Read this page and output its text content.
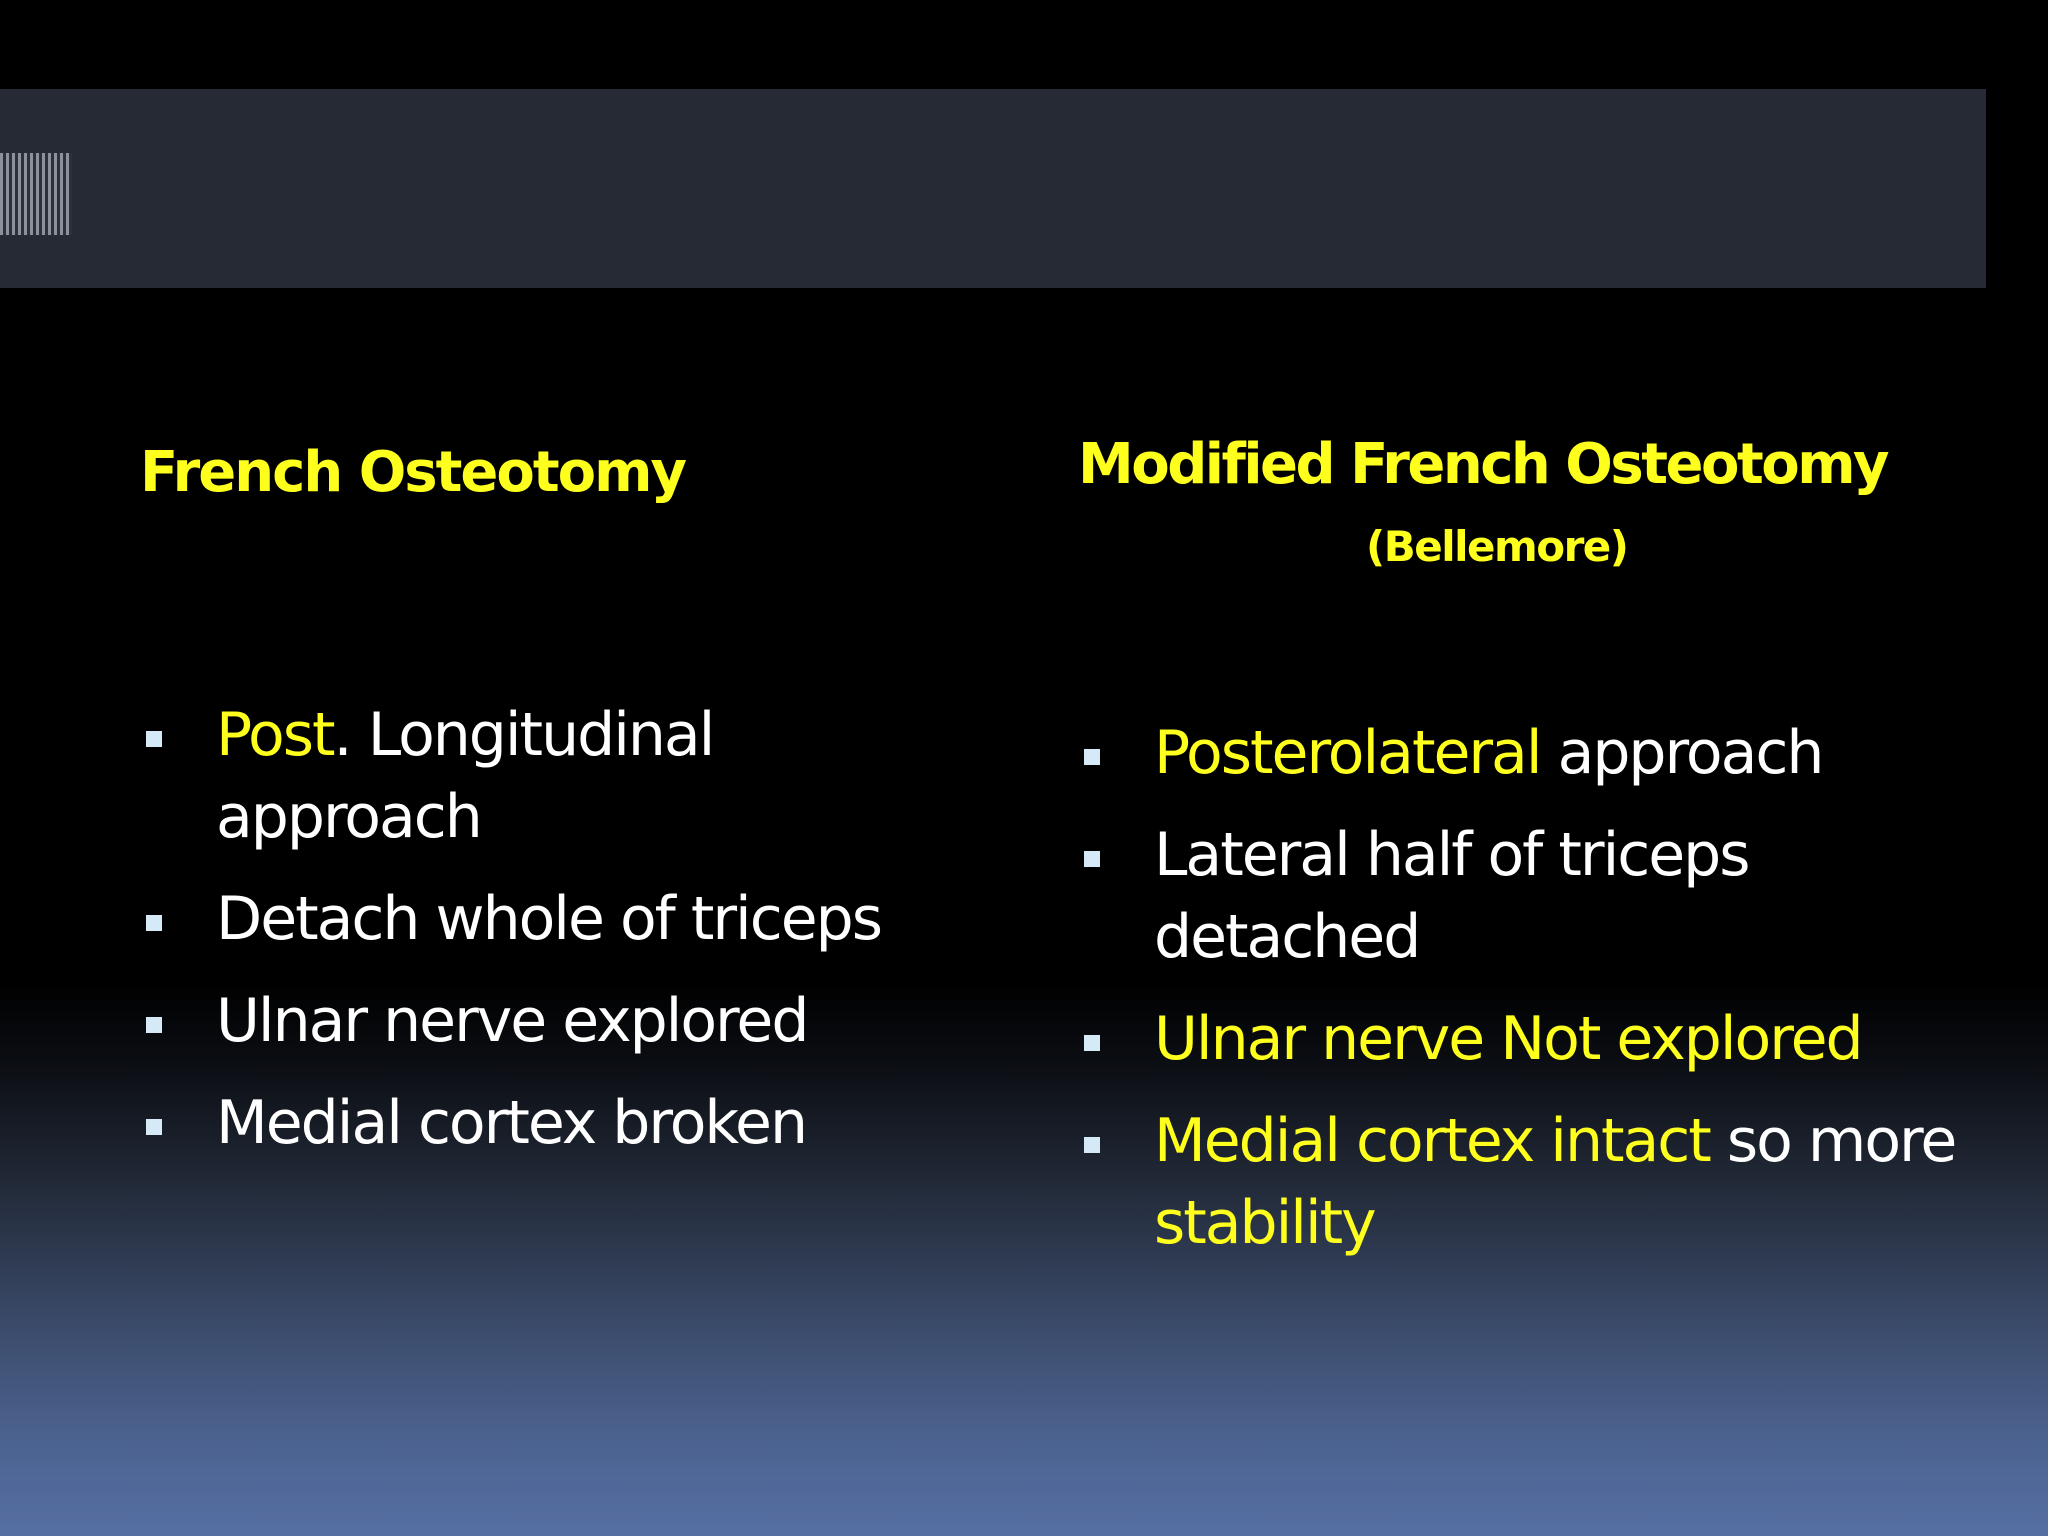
French Osteotomy	Modified French Osteotomy
(Bellemore)
Post. Longitudinal approach
Detach whole of triceps
Ulnar nerve explored
Medial cortex broken
Posterolateral approach
Lateral half of triceps detached
Ulnar nerve Not explored
Medial cortex intact so more stability
